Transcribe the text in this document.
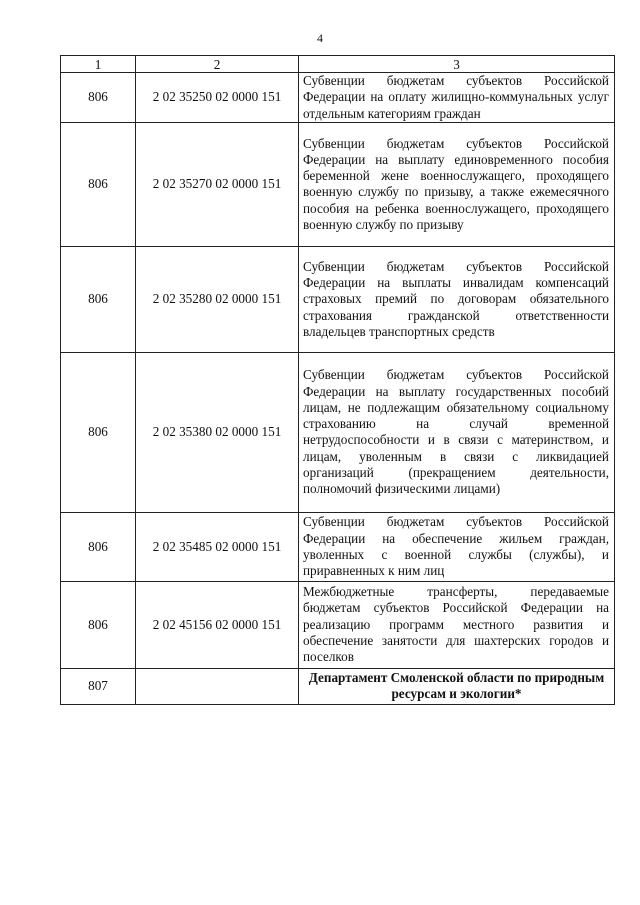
4
1	2	3
806	2 02 35250 02 0000 151	Субвенции бюджетам субъектов Российской Федерации на оплату жилищно-коммунальных услуг отдельным категориям граждан

806	2 02 35270 02 0000 151	Субвенции бюджетам субъектов Российской Федерации на выплату единовременного пособия беременной жене военнослужащего, проходящего военную службу по призыву, а также ежемесячного пособия на ребенка военнослужащего, проходящего военную службу по призыву

806	2 02 35280 02 0000 151	Субвенции бюджетам субъектов Российской Федерации на выплаты инвалидам компенсаций страховых премий по договорам обязательного страхования гражданской ответственности владельцев транспортных средств

806	2 02 35380 02 0000 151	Субвенции бюджетам субъектов Российской Федерации на выплату государственных пособий лицам, не подлежащим обязательному социальному страхованию на случай временной нетрудоспособности и в связи с материнством, и лицам, уволенным в связи с ликвидацией организаций (прекращением деятельности, полномочий физическими лицами)

806	2 02 35485 02 0000 151	Субвенции бюджетам субъектов Российской Федерации на обеспечение жильем граждан, уволенных с военной службы (службы), и приравненных к ним лиц

806	2 02 45156 02 0000 151	Межбюджетные трансферты, передаваемые бюджетам субъектов Российской Федерации на реализацию программ местного развития и обеспечение занятости для шахтерских городов и поселков

807		Департамент Смоленской области по природным ресурсам и экологии*
